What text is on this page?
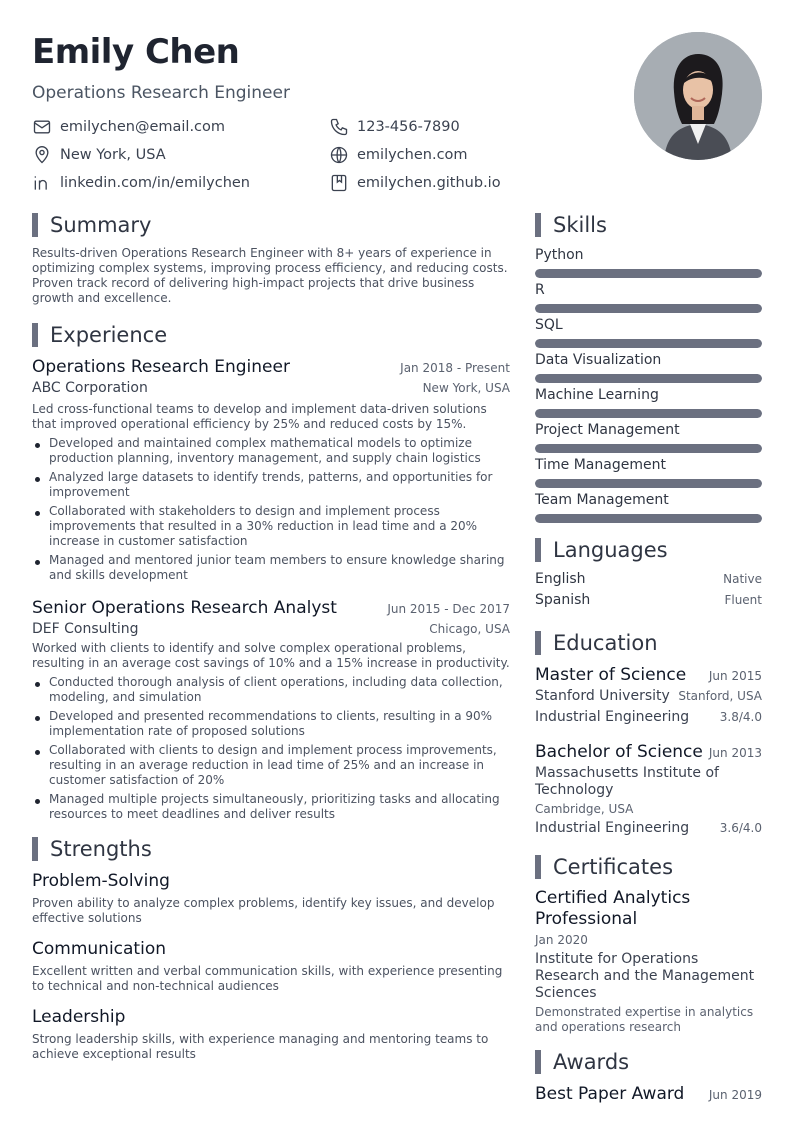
Emily Chen
Operations Research Engineer
emilychen@email.com	123-456-7890
New York, USA	emilychen.com
linkedin.com/in/emilychen	emilychen.github.io
Summary

Results-driven Operations Research Engineer with 8+ years of experience in optimizing complex systems, improving process efficiency, and reducing costs. Proven track record of delivering high-impact projects that drive business growth and excellence.

Experience
Operations Research Engineer	Jan 2018 - Present
ABC Corporation	New York, USA

Led cross-functional teams to develop and implement data-driven solutions that improved operational efficiency by 25% and reduced costs by 15%.

Developed and maintained complex mathematical models to optimize production planning, inventory management, and supply chain logistics
Analyzed large datasets to identify trends, patterns, and opportunities for improvement
Collaborated with stakeholders to design and implement process improvements that resulted in a 30% reduction in lead time and a 20% increase in customer satisfaction
Managed and mentored junior team members to ensure knowledge sharing and skills development
Senior Operations Research Analyst	Jun 2015 - Dec 2017
DEF Consulting	Chicago, USA

Worked with clients to identify and solve complex operational problems, resulting in an average cost savings of 10% and a 15% increase in productivity.

Conducted thorough analysis of client operations, including data collection, modeling, and simulation
Developed and presented recommendations to clients, resulting in a 90% implementation rate of proposed solutions
Collaborated with clients to design and implement process improvements, resulting in an average reduction in lead time of 25% and an increase in customer satisfaction of 20%
Managed multiple projects simultaneously, prioritizing tasks and allocating resources to meet deadlines and deliver results
Strengths
Problem-Solving

Proven ability to analyze complex problems, identify key issues, and develop effective solutions

Communication

Excellent written and verbal communication skills, with experience presenting to technical and non-technical audiences

Leadership

Strong leadership skills, with experience managing and mentoring teams to achieve exceptional results

Skills
Python
R
SQL
Data Visualization
Machine Learning
Project Management
Time Management
Team Management
Languages
English	Native
Spanish	Fluent
Education
Master of Science Jun 2015
Stanford University Stanford, USA
Industrial Engineering	3.8/4.0
Bachelor of Science Jun 2013
Massachusetts Institute of Technology
Cambridge, USA
Industrial Engineering	3.6/4.0
Certificates
Certified Analytics Professional
Jan 2020
Institute for Operations Research and the Management Sciences
Demonstrated expertise in analytics and operations research
Awards
Best Paper Award Jun 2019
